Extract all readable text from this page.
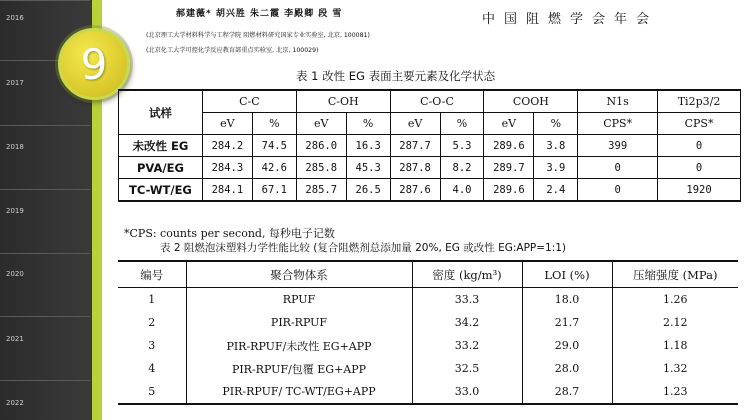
2016
2017
2018
2019
2020
2021
2022
9
郝建薇* 胡兴胜 朱二霞 李殿卿 段 雪	中国阻燃学会年会
(北京理工大学材料科学与工程学院 阻燃材料研究国家专业实验室, 北京, 100081)
(北京化工大学可控化学反应教育部重点实验室, 北京, 100029)
表 1 改性 EG 表面主要元素及化学状态
试样	C-C		C-OH		C-O-C		COOH		N1s	Ti2p3/2
	eV	%	eV	%	eV	%	eV	%	CPS*	CPS*
未改性 EG	284.2	74.5	286.0	16.3	287.7	5.3	289.6	3.8	399	0
PVA/EG	284.3	42.6	285.8	45.3	287.8	8.2	289.7	3.9	0	0
TC-WT/EG	284.1	67.1	285.7	26.5	287.6	4.0	289.6	2.4	0	1920
*CPS: counts per second, 每秒电子记数
表 2 阻燃泡沫塑料力学性能比较 (复合阻燃剂总添加量 20%, EG 或改性 EG:APP=1:1)
编号	聚合物体系	密度 (kg/m³)	LOI (%)	压缩强度 (MPa)
1	RPUF	33.3	18.0	1.26
2	PIR-RPUF	34.2	21.7	2.12
3	PIR-RPUF/未改性 EG+APP	33.2	29.0	1.18
4	PIR-RPUF/包覆 EG+APP	32.5	28.0	1.32
5	PIR-RPUF/ TC-WT/EG+APP	33.0	28.7	1.23
